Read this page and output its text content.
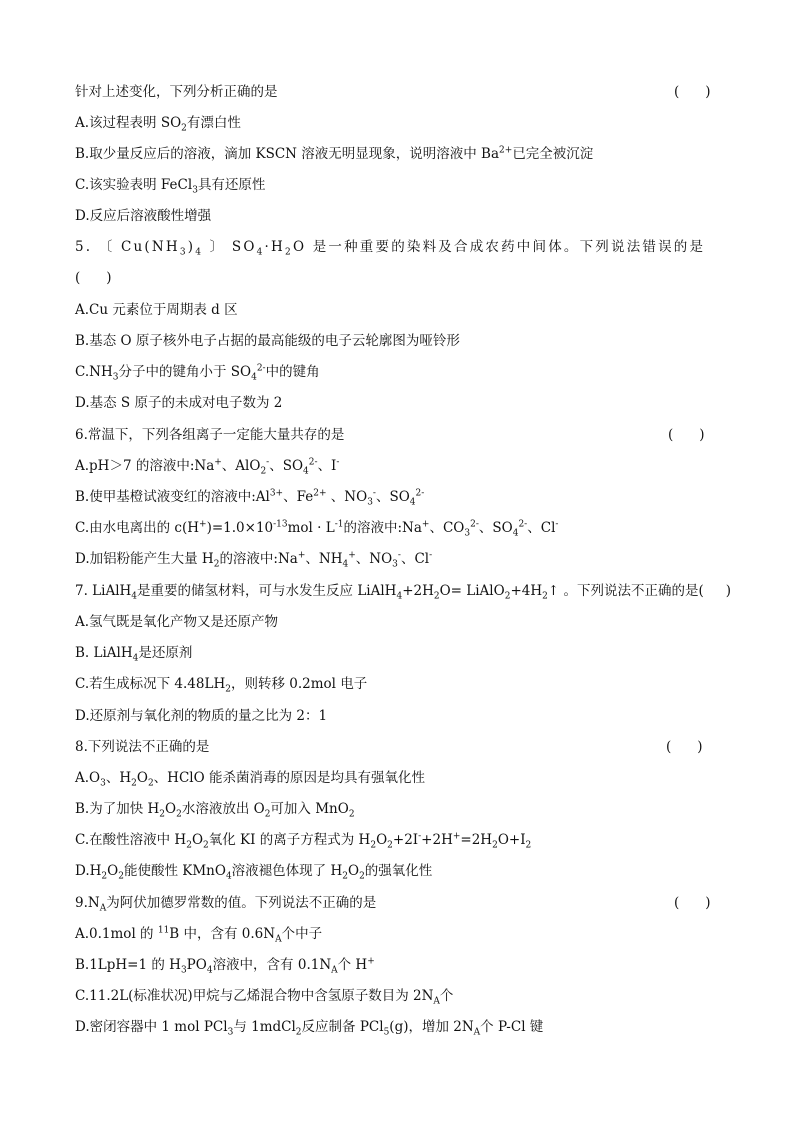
针对上述变化，下列分析正确的是	( )
A.该过程表明 $SO_2$有漂白性
B.取少量反应后的溶液，滴加 KSCN 溶液无明显现象，说明溶液中 $Ba^{2+}$已完全被沉淀
C.该实验表明 FeCl$_3$具有还原性
D.反应后溶液酸性增强
5. 〔 $Cu(NH_3)_4$ 〕 $SO_4\cdot H_2O$ 是一种重要的染料及合成农药中间体。下列说法错误的是
( )
A.Cu 元素位于周期表 d 区
B.基态 O 原子核外电子占据的最高能级的电子云轮廓图为哑铃形
$C.NH_3$分子中的键角小于 $SO_4^{2-}$中的键角
D.基态 S 原子的未成对电子数为 2
6.常温下，下列各组离子一定能大量共存的是	( )
A.pH＞7 的溶液中:Na+、AlO$_2$-、$SO_4^{2-}$、I-
B.使甲基橙试液变红的溶液中$:Al^{3+}$、$Fe^{2+}$ 、$NO_3^-$、$SO_4^{2-}$
C.由水电离出的 $c(H^+)=1.0\times 10^{-13}mol \cdot L^{-1}$的溶液中:Na+、$CO_3^{2-}$、$SO_4^{2-}$、Cl-
D.加铝粉能产生大量 $H_2$的溶液中:Na+、$NH_4^+$、$NO_3^-$、Cl-
7. LiAlH$_4$是重要的储氢材料，可与水发生反应 $LiAlH_4+2H_2O=$ $LiAlO_2+4H_2↑$ 。下列说法不正确的是( )
A.氢气既是氧化产物又是还原产物
B. LiAlH$_4$是还原剂
C.若生成标况下 $4.48LH_2$，则转移 0.2mol 电子
D.还原剂与氧化剂的物质的量之比为 2：1
8.下列说法不正确的是	( )
$A.O_3$、$H_2O_2$、HClO 能杀菌消毒的原因是均具有强氧化性
B.为了加快 $H_2O_2$水溶液放出 $O_2$可加入 MnO$_2$
C.在酸性溶液中 $H_2O_2$氧化 KI 的离子方程式为 $H_2O_2+2I^-+2H^+=2H_2O+I_2$
$D.H_2O_2$能使酸性 KMnO$_4$溶液褪色体现了 $H_2O_2$的强氧化性
$9.N_A$为阿伏加德罗常数的值。下列说法不正确的是	( )
A.0.1mol 的 $^{11}$B 中，含有 $0.6N_A$个中子
B.1LpH=1 的 $H_3PO_4$溶液中，含有 $0.1N_A$个 H+
C.11.2L(标准状况)甲烷与乙烯混合物中含氢原子数目为 $2N_A$个
D.密闭容器中 1 mol PCl$_3$与 1mdCl$_2$反应制备 PCl$_5$(g)，增加 $2N_A$个 P-Cl 键
